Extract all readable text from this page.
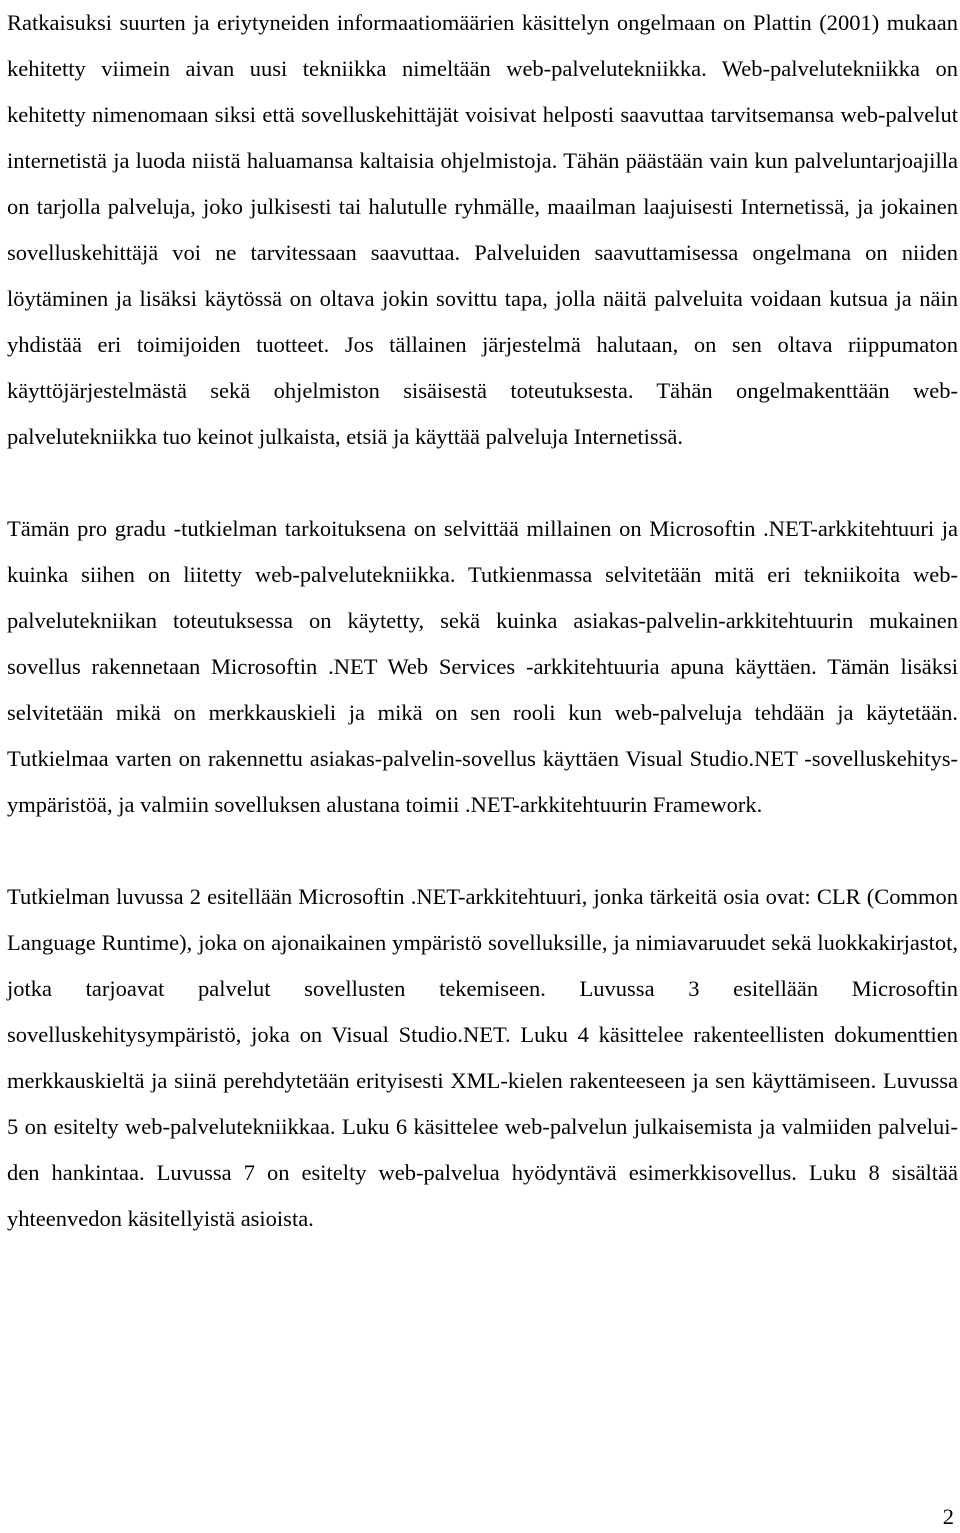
Ratkaisuksi suurten ja eriytyneiden informaatiomäärien käsittelyn ongelmaan on Plattin (2001) mukaan kehitetty viimein aivan uusi tekniikka nimeltään web-palvelutekniikka. Web-palvelutekniikka on kehitetty nimenomaan siksi että sovelluskehittäjät voisivat helposti saavuttaa tarvitsemansa web-palvelut internetistä ja luoda niistä haluamansa kaltaisia ohjelmistoja. Tähän päästään vain kun palveluntarjoajilla on tarjolla palveluja, joko julkisesti tai halutulle ryhmälle, maailman laajuisesti Internetissä, ja jokainen sovelluskehittäjä voi ne tarvitessaan saavuttaa. Palveluiden saavuttamisessa ongelmana on niiden löytäminen ja lisäksi käytössä on oltava jokin sovittu tapa, jolla näitä palveluita voidaan kutsua ja näin yhdistää eri toimijoiden tuotteet. Jos tällainen järjestelmä halutaan, on sen oltava riippumaton käyttöjärjestelmästä sekä ohjelmiston sisäisestä toteutuksesta. Tähän ongelmakenttään web-palvelutekniikka tuo keinot julkaista, etsiä ja käyttää palveluja Internetissä.

Tämän pro gradu -tutkielman tarkoituksena on selvittää millainen on Microsoftin .NET-arkkitehtuuri ja kuinka siihen on liitetty web-palvelutekniikka. Tutkienmassa selvitetään mitä eri tekniikoita web-palvelutekniikan toteutuksessa on käytetty, sekä kuinka asiakas-palvelin-arkkitehtuurin mukainen sovellus rakennetaan Microsoftin .NET Web Services -arkkitehtuuria apuna käyttäen. Tämän lisäksi selvitetään mikä on merkkauskieli ja mikä on sen rooli kun web-palveluja tehdään ja käytetään. Tutkielmaa varten on rakennettu asiakas-palvelin-sovellus käyttäen Visual Studio.NET -sovelluskehitysympäristöä, ja valmiin sovelluksen alustana toimii .NET-arkkitehtuurin Framework.

Tutkielman luvussa 2 esitellään Microsoftin .NET-arkkitehtuuri, jonka tärkeitä osia ovat: CLR (Common Language Runtime), joka on ajonaikainen ympäristö sovelluksille, ja nimiavaruudet sekä luokkakirjastot, jotka tarjoavat palvelut sovellusten tekemiseen. Luvussa 3 esitellään Microsoftin sovelluskehitysympäristö, joka on Visual Studio.NET. Luku 4 käsittelee rakenteellisten dokumenttien merkkauskieltä ja siinä perehdytetään erityisesti XML-kielen rakenteeseen ja sen käyttämiseen. Luvussa 5 on esitelty web-palvelutekniikkaa. Luku 6 käsittelee web-palvelun julkaisemista ja valmiiden palveluiden hankintaa. Luvussa 7 on esitelty web-palvelua hyödyntävä esimerkkisovellus. Luku 8 sisältää yhteenvedon käsitellyistä asioista.

2
